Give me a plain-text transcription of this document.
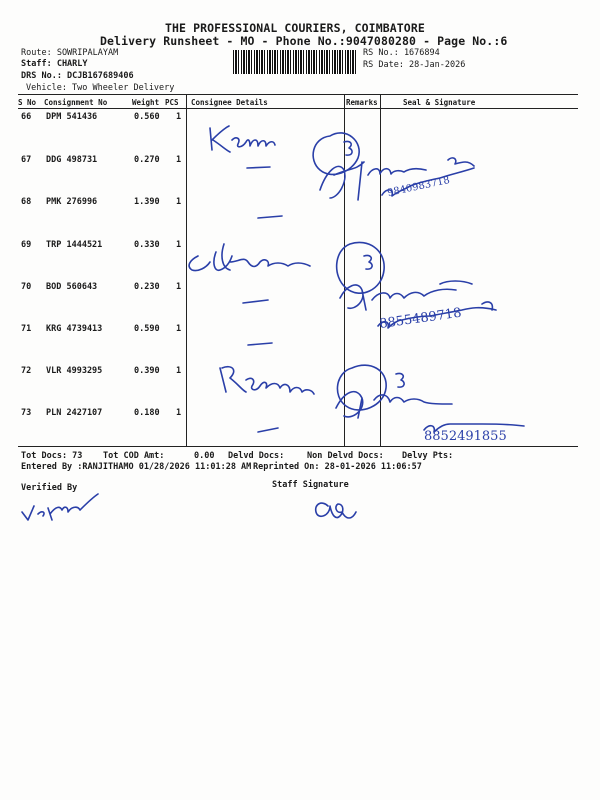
THE PROFESSIONAL COURIERS, COIMBATORE
Delivery Runsheet - MO - Phone No.:9047080280 - Page No.:6
Route: SOWRIPALAYAM
Staff: CHARLY
DRS No.: DCJB167689406
Vehicle: Two Wheeler Delivery
RS No.: 1676894
RS Date: 28-Jan-2026
S No Consignment No	Weight PCS Consignee Details	Remarks	Seal & Signature
66 DPM 541436	0.560 1
67 DDG 498731	0.270 1
68 PMK 276996	1.390 1
69 TRP 1444521	0.330 1
70 BOD 560643	0.230 1
71 KRG 4739413	0.590 1
72 VLR 4993295	0.390 1
73 PLN 2427107	0.180 1
9840983718
8855489718
8852491855
Tot Docs: 73 Tot COD Amt:	0.00 Delvd Docs:	Non Delvd Docs: Delvy Pts:
Entered By :RANJITHAMO 01/28/2026 11:01:28 AM Reprinted On: 28-01-2026 11:06:57
Verified By	Staff Signature
